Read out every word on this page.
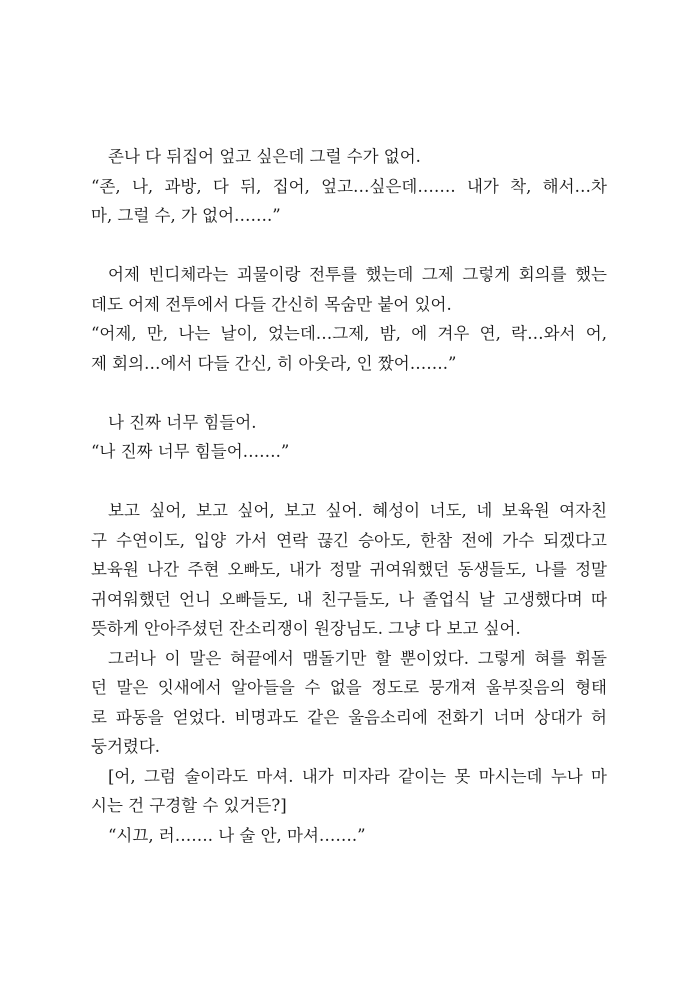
존나 다 뒤집어 엎고 싶은데 그럴 수가 없어.
“존, 나, 과방, 다 뒤, 집어, 엎고…싶은데……. 내가 착, 해서…차
마, 그럴 수, 가 없어…….”
어제 빈디체라는 괴물이랑 전투를 했는데 그제 그렇게 회의를 했는
데도 어제 전투에서 다들 간신히 목숨만 붙어 있어.
“어제, 만, 나는 날이, 었는데…그제, 밤, 에 겨우 연, 락…와서 어,
제 회의…에서 다들 간신, 히 아웃라, 인 짰어…….”
나 진짜 너무 힘들어.
“나 진짜 너무 힘들어…….”
보고 싶어, 보고 싶어, 보고 싶어. 혜성이 너도, 네 보육원 여자친
구 수연이도, 입양 가서 연락 끊긴 승아도, 한참 전에 가수 되겠다고
보육원 나간 주현 오빠도, 내가 정말 귀여워했던 동생들도, 나를 정말
귀여워했던 언니 오빠들도, 내 친구들도, 나 졸업식 날 고생했다며 따
뜻하게 안아주셨던 잔소리쟁이 원장님도. 그냥 다 보고 싶어.
그러나 이 말은 혀끝에서 맴돌기만 할 뿐이었다. 그렇게 혀를 휘돌
던 말은 잇새에서 알아들을 수 없을 정도로 뭉개져 울부짖음의 형태
로 파동을 얻었다. 비명과도 같은 울음소리에 전화기 너머 상대가 허
둥거렸다.
[어, 그럼 술이라도 마셔. 내가 미자라 같이는 못 마시는데 누나 마
시는 건 구경할 수 있거든?]
“시끄, 러……. 나 술 안, 마셔…….”
